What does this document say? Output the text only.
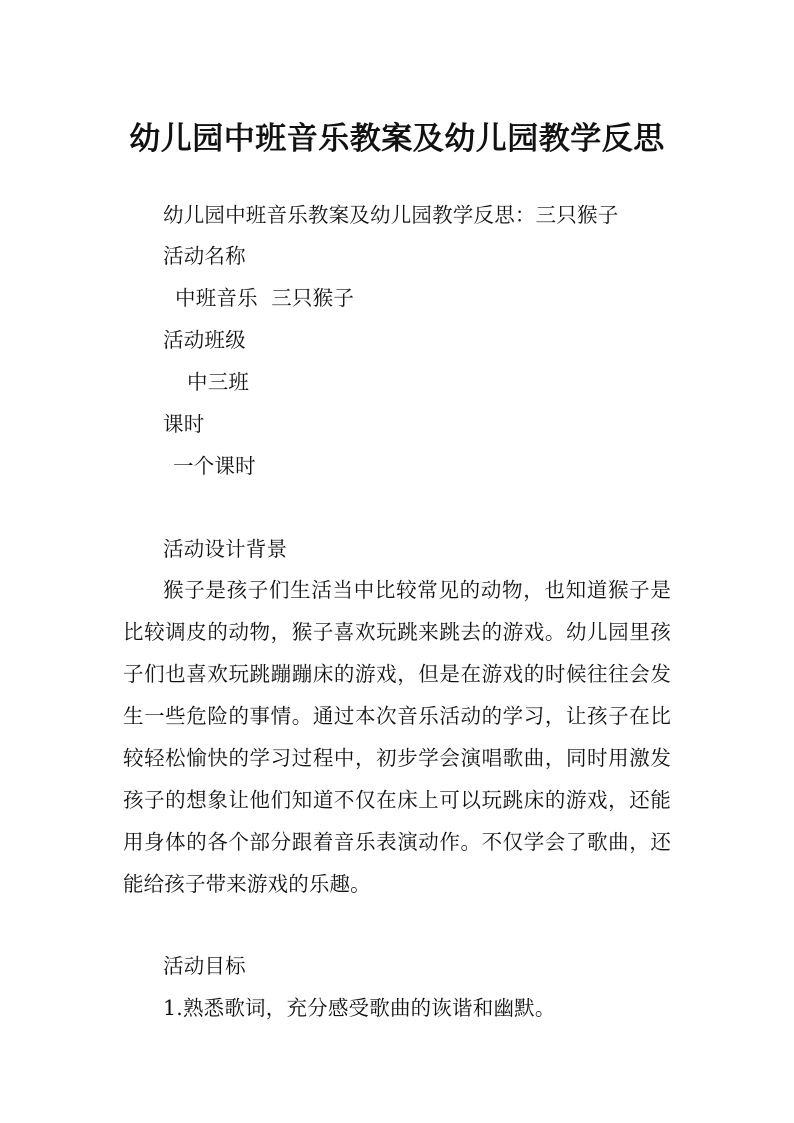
幼儿园中班音乐教案及幼儿园教学反思
幼儿园中班音乐教案及幼儿园教学反思：三只猴子
活动名称
中班音乐  三只猴子
活动班级
中三班
课时
一个课时
活动设计背景
猴子是孩子们生活当中比较常见的动物，也知道猴子是
比较调皮的动物，猴子喜欢玩跳来跳去的游戏。幼儿园里孩
子们也喜欢玩跳蹦蹦床的游戏，但是在游戏的时候往往会发
生一些危险的事情。通过本次音乐活动的学习，让孩子在比
较轻松愉快的学习过程中，初步学会演唱歌曲，同时用激发
孩子的想象让他们知道不仅在床上可以玩跳床的游戏，还能
用身体的各个部分跟着音乐表演动作。不仅学会了歌曲，还
能给孩子带来游戏的乐趣。
活动目标
1.熟悉歌词，充分感受歌曲的诙谐和幽默。
